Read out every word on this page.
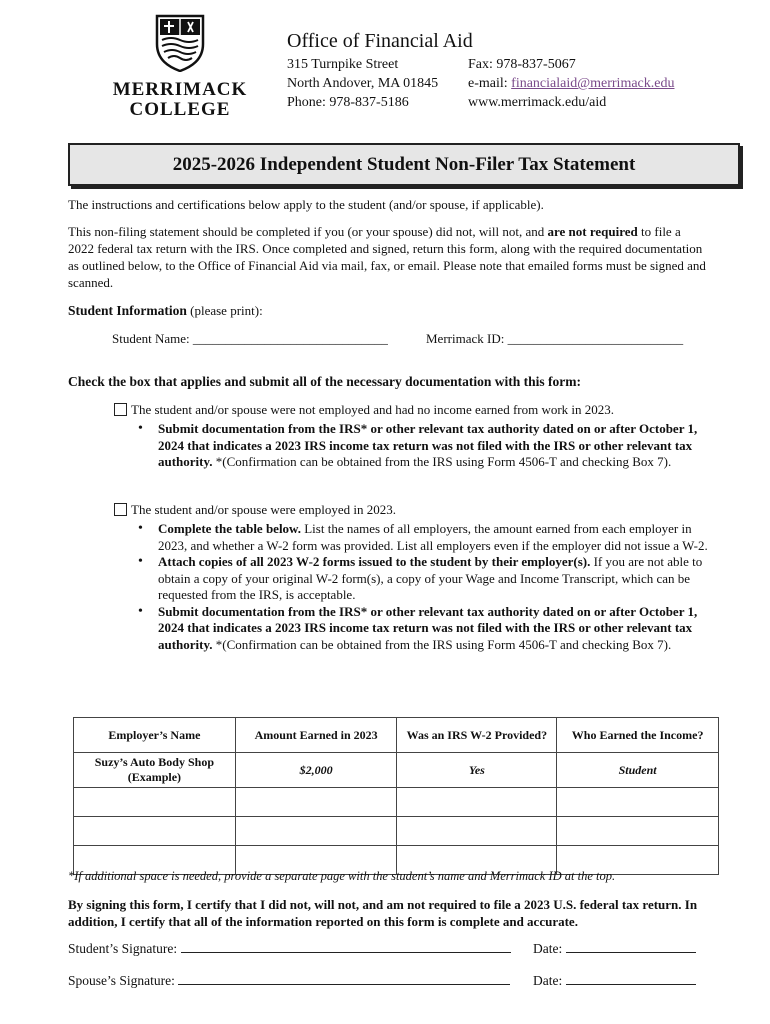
MERRIMACK
COLLEGE
Office of Financial Aid
315 Turnpike Street
North Andover, MA 01845
Phone: 978-837-5186
Fax: 978-837-5067
e-mail: financialaid@merrimack.edu
www.merrimack.edu/aid
2025-2026 Independent Student Non-Filer Tax Statement
The instructions and certifications below apply to the student (and/or spouse, if applicable).
This non-filing statement should be completed if you (or your spouse) did not, will not, and are not required to file a 2022 federal tax return with the IRS. Once completed and signed, return this form, along with the required documentation as outlined below, to the Office of Financial Aid via mail, fax, or email. Please note that emailed forms must be signed and scanned.
Student Information (please print):
Student Name: ______________________________	Merrimack ID: ___________________________
Check the box that applies and submit all of the necessary documentation with this form:
The student and/or spouse were not employed and had no income earned from work in 2023.
• Submit documentation from the IRS* or other relevant tax authority dated on or after October 1, 2024 that indicates a 2023 IRS income tax return was not filed with the IRS or other relevant tax authority. *(Confirmation can be obtained from the IRS using Form 4506-T and checking Box 7).
The student and/or spouse were employed in 2023.
• Complete the table below. List the names of all employers, the amount earned from each employer in 2023, and whether a W-2 form was provided. List all employers even if the employer did not issue a W-2.
• Attach copies of all 2023 W-2 forms issued to the student by their employer(s). If you are not able to obtain a copy of your original W-2 form(s), a copy of your Wage and Income Transcript, which can be requested from the IRS, is acceptable.
• Submit documentation from the IRS* or other relevant tax authority dated on or after October 1, 2024 that indicates a 2023 IRS income tax return was not filed with the IRS or other relevant tax authority. *(Confirmation can be obtained from the IRS using Form 4506-T and checking Box 7).
Employer’s Name	Amount Earned in 2023	Was an IRS W-2 Provided?	Who Earned the Income?

Suzy’s Auto Body Shop
(Example)	$2,000	Yes	Student

*If additional space is needed, provide a separate page with the student’s name and Merrimack ID at the top.
By signing this form, I certify that I did not, will not, and am not required to file a 2023 U.S. federal tax return. In addition, I certify that all of the information reported on this form is complete and accurate.
Student’s Signature:	Date:
Spouse’s Signature:	Date:
